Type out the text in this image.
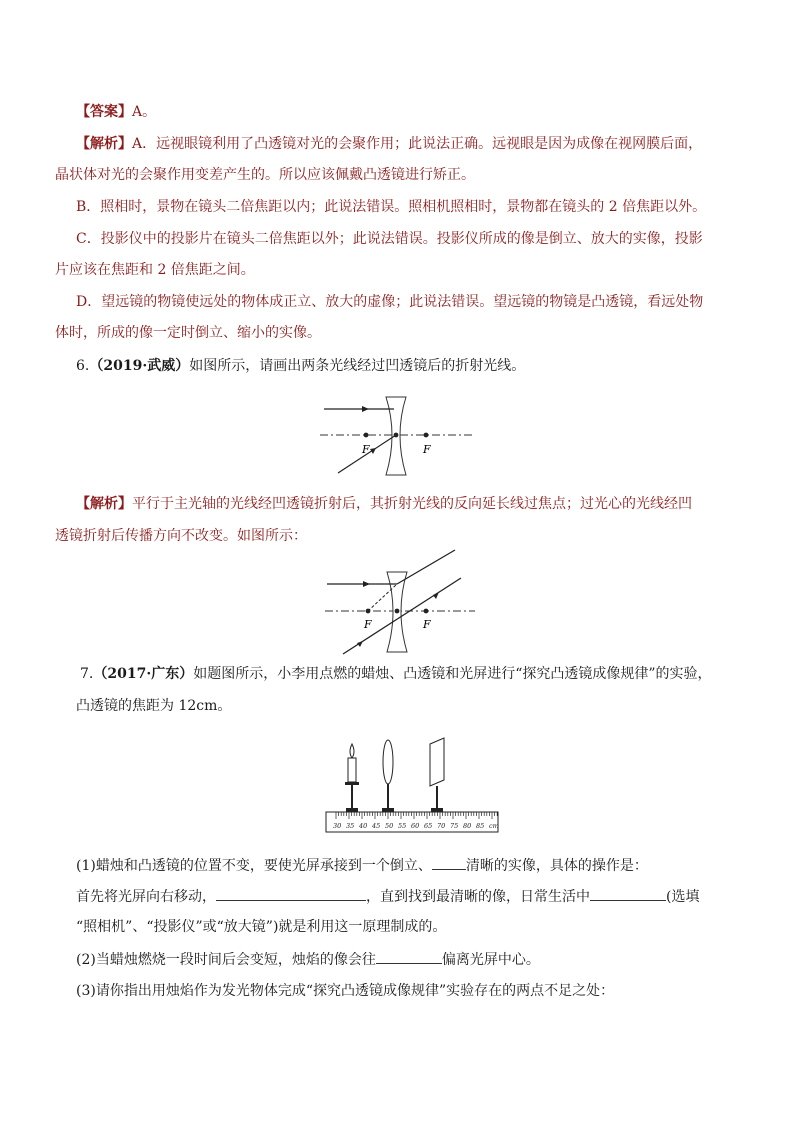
【答案】A。
【解析】A．远视眼镜利用了凸透镜对光的会聚作用；此说法正确。远视眼是因为成像在视网膜后面，
晶状体对光的会聚作用变差产生的。所以应该佩戴凸透镜进行矫正。
B．照相时，景物在镜头二倍焦距以内；此说法错误。照相机照相时，景物都在镜头的 2 倍焦距以外。
C．投影仪中的投影片在镜头二倍焦距以外；此说法错误。投影仪所成的像是倒立、放大的实像，投影
片应该在焦距和 2 倍焦距之间。
D．望远镜的物镜使远处的物体成正立、放大的虚像；此说法错误。望远镜的物镜是凸透镜，看远处物
体时，所成的像一定时倒立、缩小的实像。
6.（2019·武威）如图所示，请画出两条光线经过凹透镜后的折射光线。
F	F
【解析】平行于主光轴的光线经凹透镜折射后，其折射光线的反向延长线过焦点；过光心的光线经凹
透镜折射后传播方向不改变。如图所示：
F	F
7.（2017·广东）如题图所示，小李用点燃的蜡烛、凸透镜和光屏进行“探究凸透镜成像规律”的实验，
凸透镜的焦距为 12cm。
30 35 40 45 50 55 60 65 70 75 80 85 cm
(1)蜡烛和凸透镜的位置不变，要使光屏承接到一个倒立、 清晰的实像，具体的操作是：
首先将光屏向右移动，	，直到找到最清晰的像，日常生活中	(选填
“照相机”、“投影仪”或“放大镜”)就是利用这一原理制成的。
(2)当蜡烛燃烧一段时间后会变短，烛焰的像会往	偏离光屏中心。
(3)请你指出用烛焰作为发光物体完成“探究凸透镜成像规律”实验存在的两点不足之处：
